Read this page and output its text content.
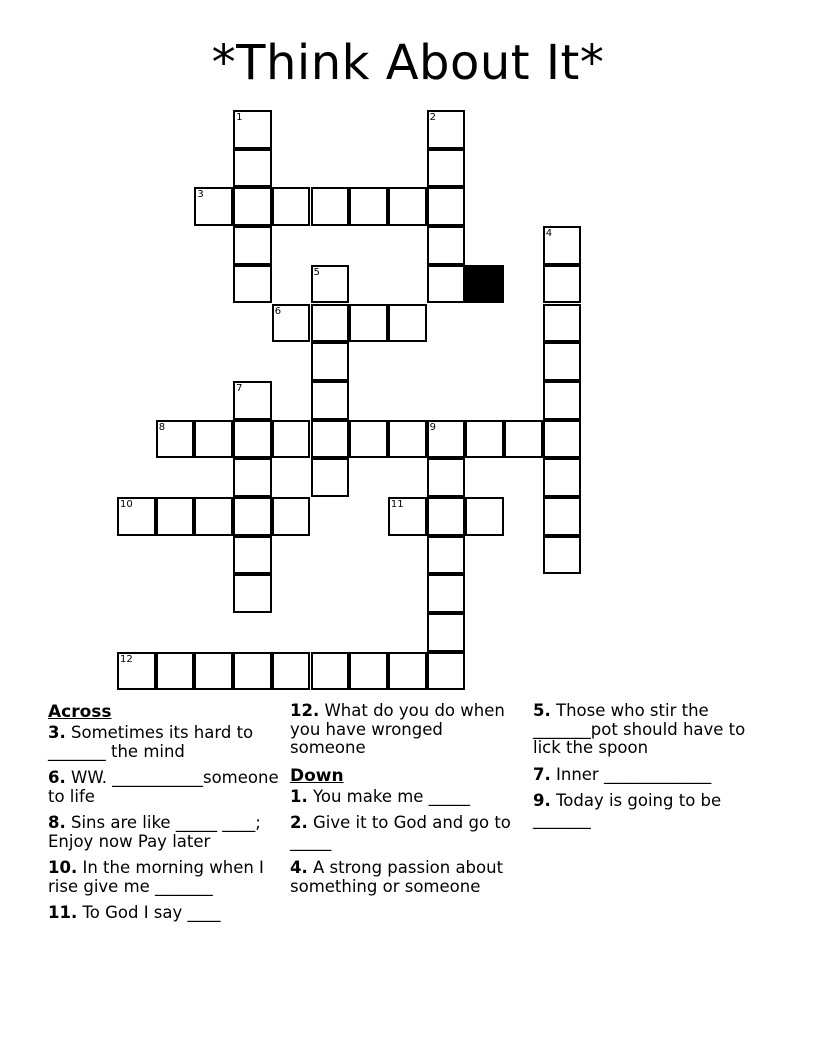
*Think About It*
1	2
3
4
5
6
7
8	9
10	11
12
Across
3. Sometimes its hard to _______ the mind
6. WW. ___________someone to life
8. Sins are like _____ ____; Enjoy now Pay later
10. In the morning when I rise give me _______
11. To God I say ____
12. What do you do when you have wronged someone
Down
1. You make me _____
2. Give it to God and go to _____
4. A strong passion about something or someone
5. Those who stir the _______pot should have to lick the spoon
7. Inner _____________
9. Today is going to be _______
